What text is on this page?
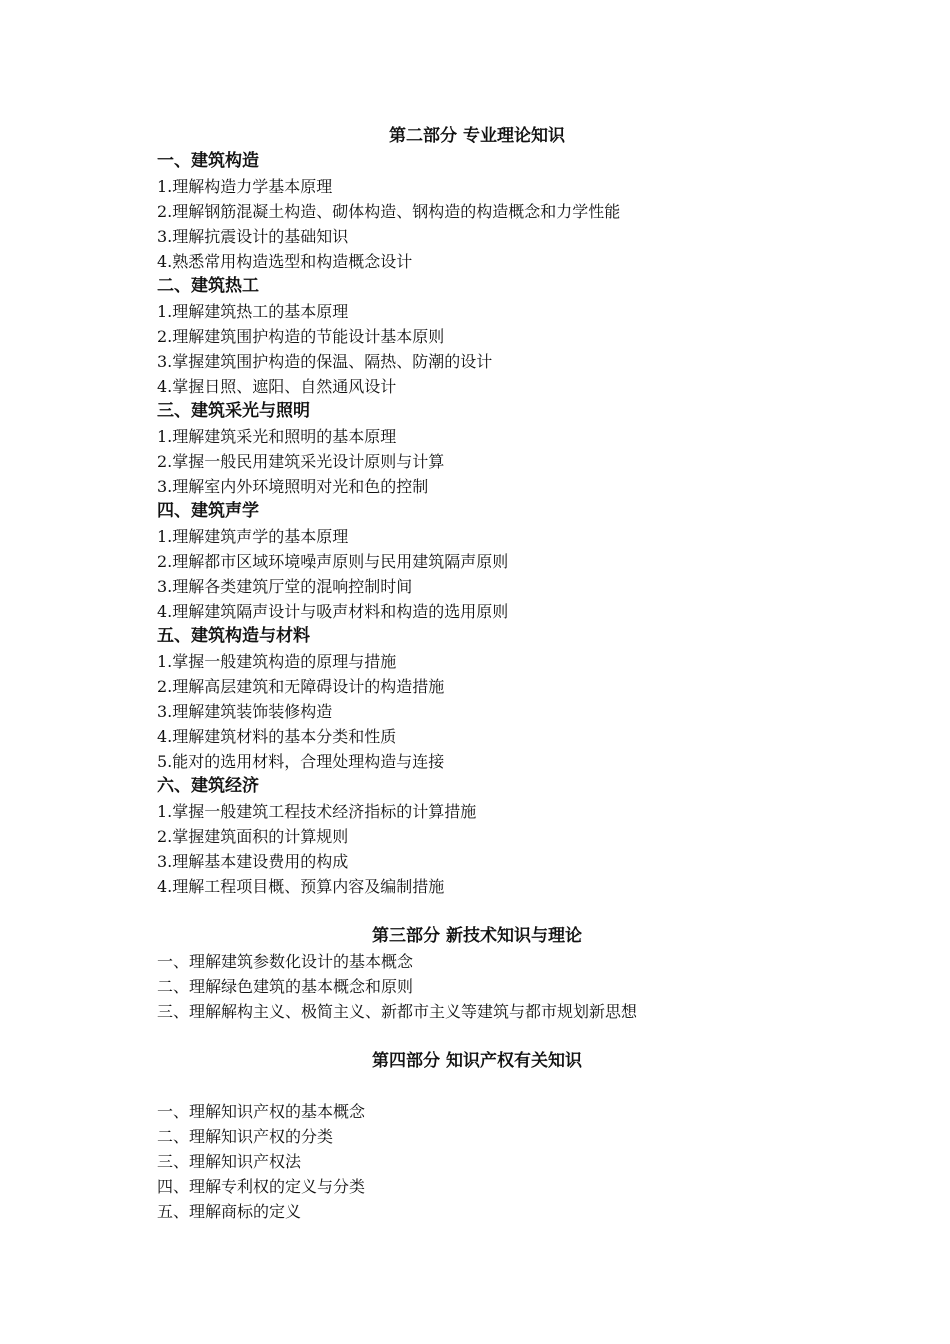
第二部分 专业理论知识
一、建筑构造
1.理解构造力学基本原理
2.理解钢筋混凝土构造、砌体构造、钢构造的构造概念和力学性能
3.理解抗震设计的基础知识
4.熟悉常用构造选型和构造概念设计
二、建筑热工
1.理解建筑热工的基本原理
2.理解建筑围护构造的节能设计基本原则
3.掌握建筑围护构造的保温、隔热、防潮的设计
4.掌握日照、遮阳、自然通风设计
三、建筑采光与照明
1.理解建筑采光和照明的基本原理
2.掌握一般民用建筑采光设计原则与计算
3.理解室内外环境照明对光和色的控制
四、建筑声学
1.理解建筑声学的基本原理
2.理解都市区域环境噪声原则与民用建筑隔声原则
3.理解各类建筑厅堂的混响控制时间
4.理解建筑隔声设计与吸声材料和构造的选用原则
五、建筑构造与材料
1.掌握一般建筑构造的原理与措施
2.理解高层建筑和无障碍设计的构造措施
3.理解建筑装饰装修构造
4.理解建筑材料的基本分类和性质
5.能对的选用材料，合理处理构造与连接
六、建筑经济
1.掌握一般建筑工程技术经济指标的计算措施
2.掌握建筑面积的计算规则
3.理解基本建设费用的构成
4.理解工程项目概、预算内容及编制措施
第三部分 新技术知识与理论
一、理解建筑参数化设计的基本概念
二、理解绿色建筑的基本概念和原则
三、理解解构主义、极简主义、新都市主义等建筑与都市规划新思想
第四部分 知识产权有关知识
一、理解知识产权的基本概念
二、理解知识产权的分类
三、理解知识产权法
四、理解专利权的定义与分类
五、理解商标的定义
